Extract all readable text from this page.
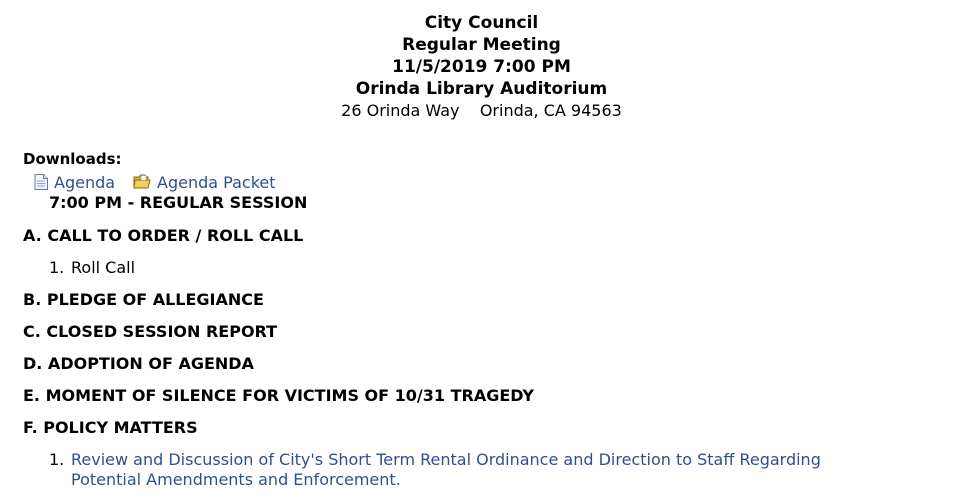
City Council
Regular Meeting
11/5/2019 7:00 PM
Orinda Library Auditorium
26 Orinda Way    Orinda, CA 94563
Downloads:
Agenda	Agenda Packet
7:00 PM - REGULAR SESSION
A. CALL TO ORDER / ROLL CALL
1. Roll Call
B. PLEDGE OF ALLEGIANCE
C. CLOSED SESSION REPORT
D. ADOPTION OF AGENDA
E. MOMENT OF SILENCE FOR VICTIMS OF 10/31 TRAGEDY
F. POLICY MATTERS
1. Review and Discussion of City's Short Term Rental Ordinance and Direction to Staff Regarding Potential Amendments and Enforcement.
